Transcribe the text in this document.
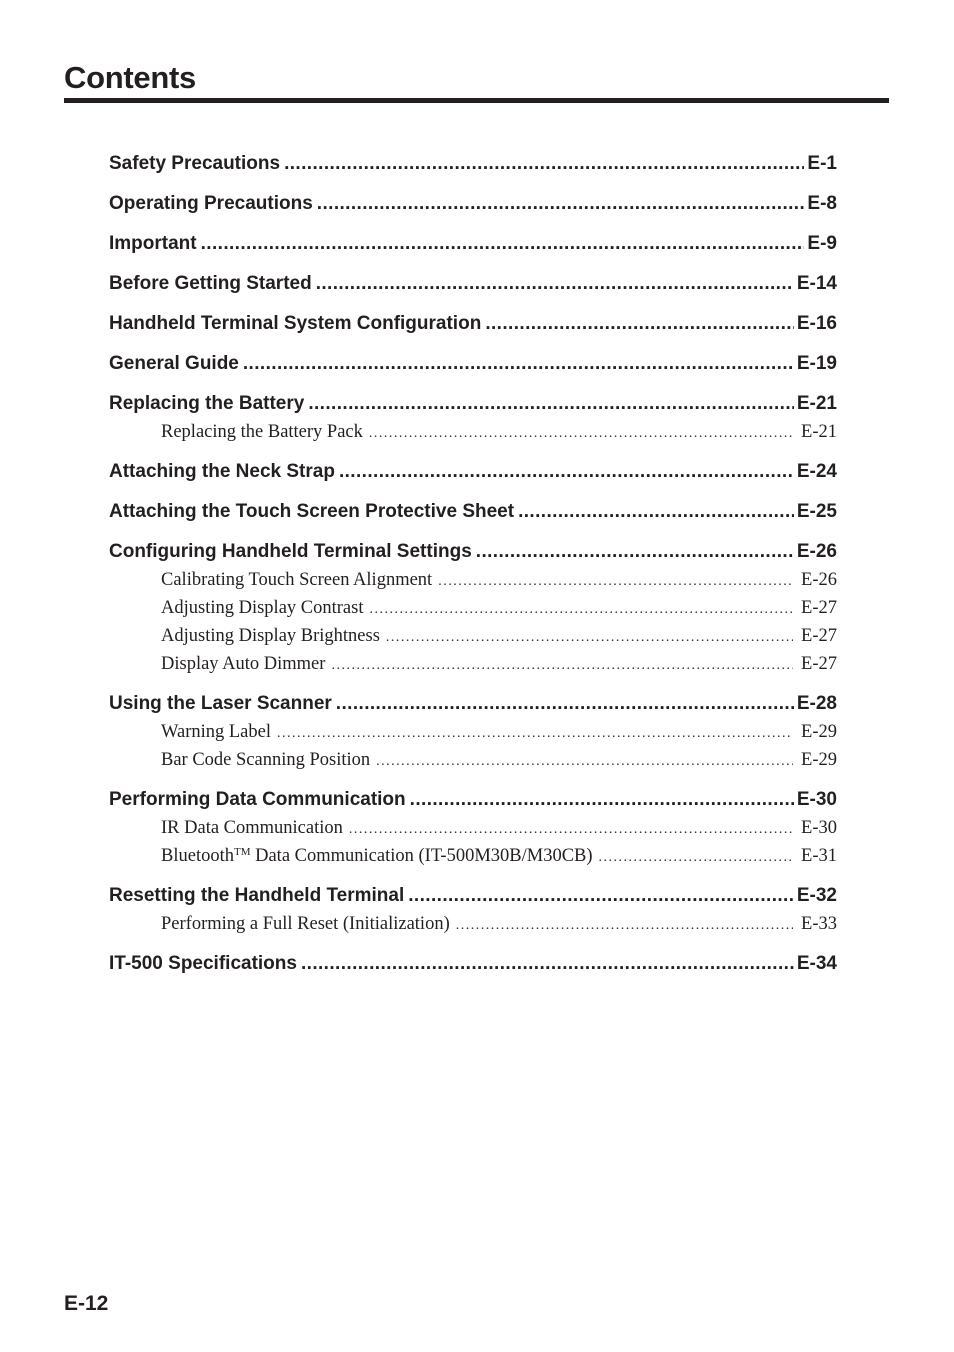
Contents
Safety Precautions .....	E-1
Operating Precautions .....	E-8
Important .....	E-9
Before Getting Started .....	E-14
Handheld Terminal System Configuration .....	E-16
General Guide .....	E-19
Replacing the Battery .....	E-21
Replacing the Battery Pack .....	E-21
Attaching the Neck Strap .....	E-24
Attaching the Touch Screen Protective Sheet .....	E-25
Configuring Handheld Terminal Settings .....	E-26
Calibrating Touch Screen Alignment .....	E-26
Adjusting Display Contrast .....	E-27
Adjusting Display Brightness .....	E-27
Display Auto Dimmer .....	E-27
Using the Laser Scanner .....	E-28
Warning Label .....	E-29
Bar Code Scanning Position .....	E-29
Performing Data Communication .....	E-30
IR Data Communication .....	E-30
Bluetooth™ Data Communication (IT-500M30B/M30CB) .....	E-31
Resetting the Handheld Terminal .....	E-32
Performing a Full Reset (Initialization) .....	E-33
IT-500 Specifications .....	E-34
E-12
